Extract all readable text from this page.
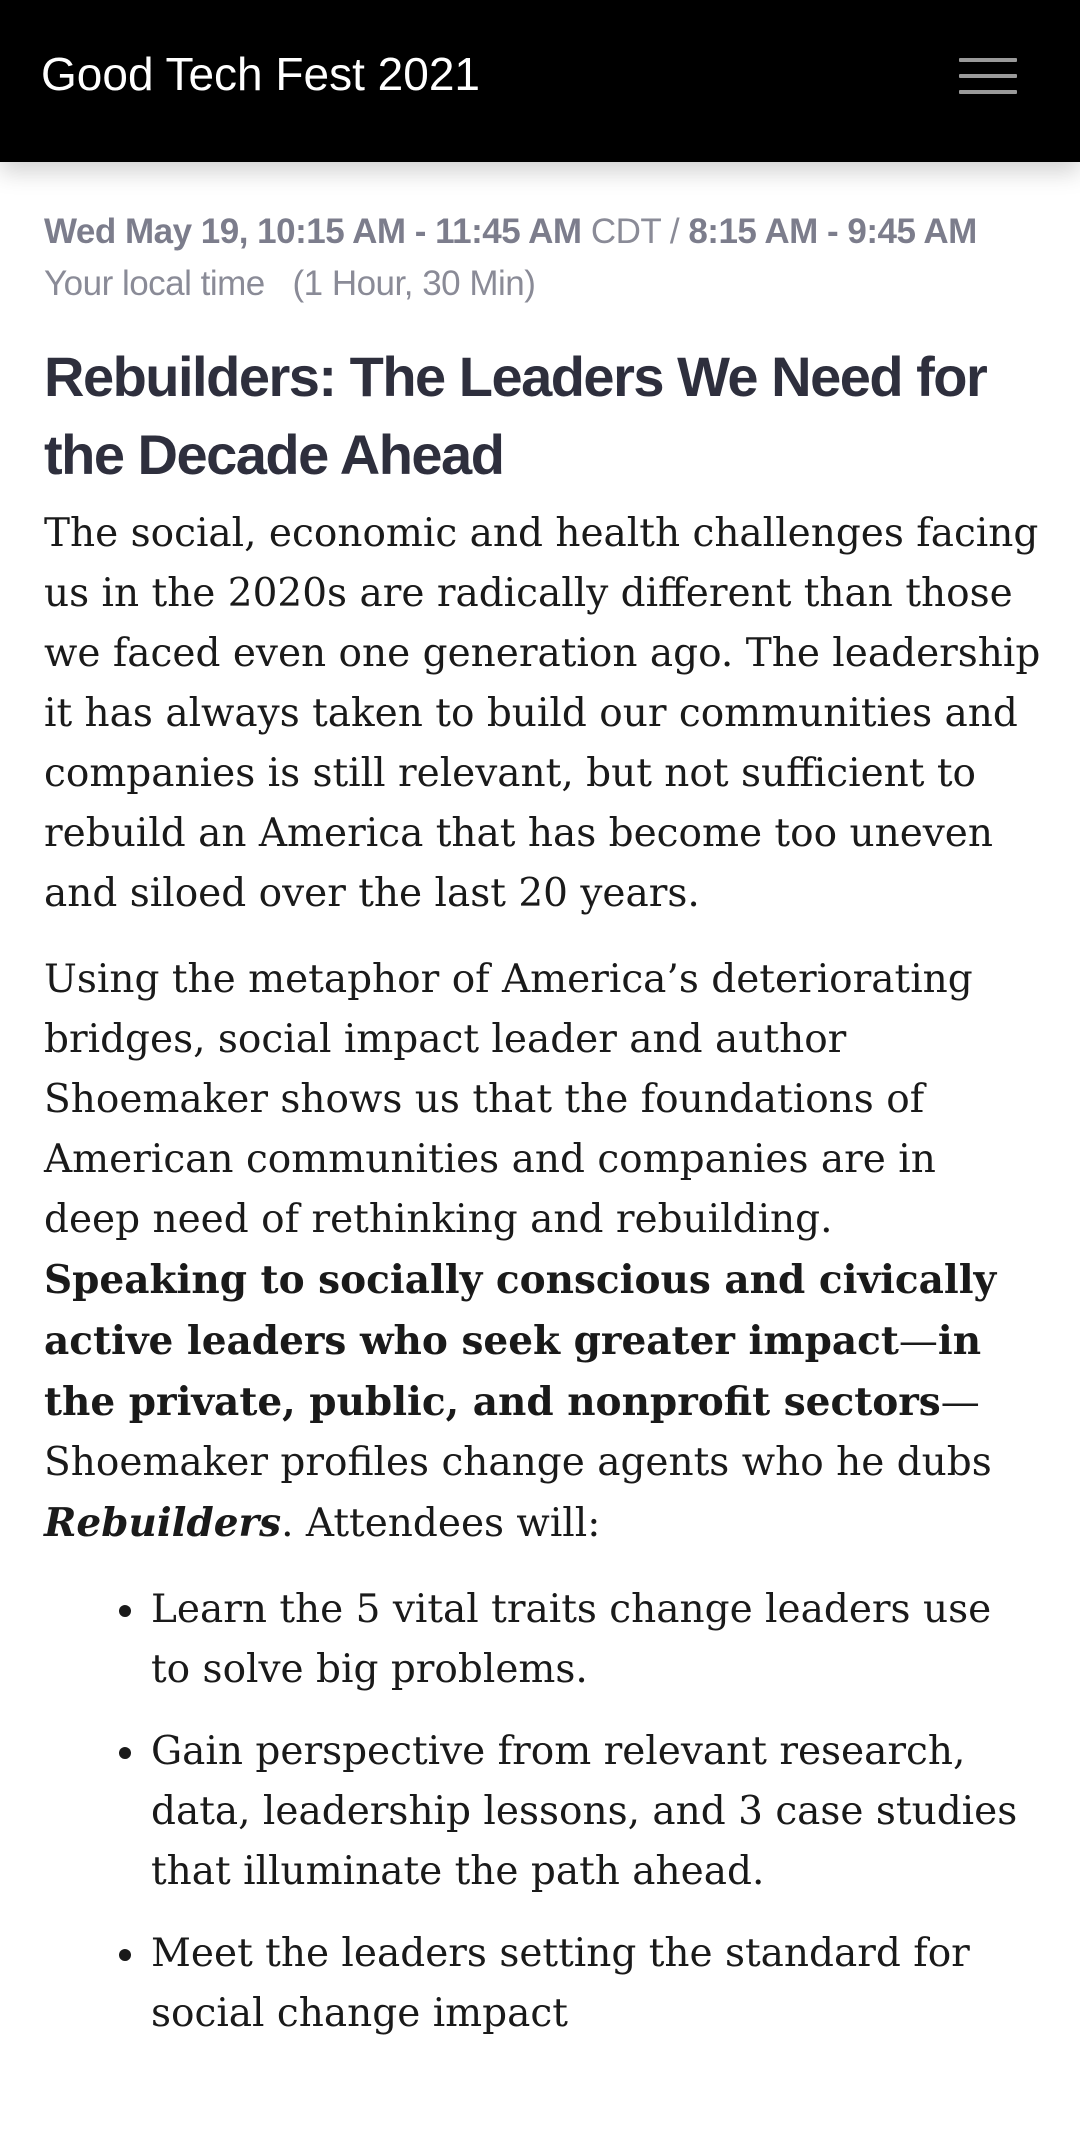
Good Tech Fest 2021
Wed May 19, 10:15 AM - 11:45 AM CDT / 8:15 AM - 9:45 AM Your local time (1 Hour, 30 Min)
Rebuilders: The Leaders We Need for the Decade Ahead

The social, economic and health challenges facing us in the 2020s are radically different than those we faced even one generation ago. The leadership it has always taken to build our communities and companies is still relevant, but not sufficient to rebuild an America that has become too uneven and siloed over the last 20 years.

Using the metaphor of America’s deteriorating bridges, social impact leader and author Shoemaker shows us that the foundations of American communities and companies are in deep need of rethinking and rebuilding. Speaking to socially conscious and civically active leaders who seek greater impact—in the private, public, and nonprofit sectors— Shoemaker profiles change agents who he dubs Rebuilders. Attendees will:

• Learn the 5 vital traits change leaders use to solve big problems.
• Gain perspective from relevant research, data, leadership lessons, and 3 case studies that illuminate the path ahead.
• Meet the leaders setting the standard for social change impact
